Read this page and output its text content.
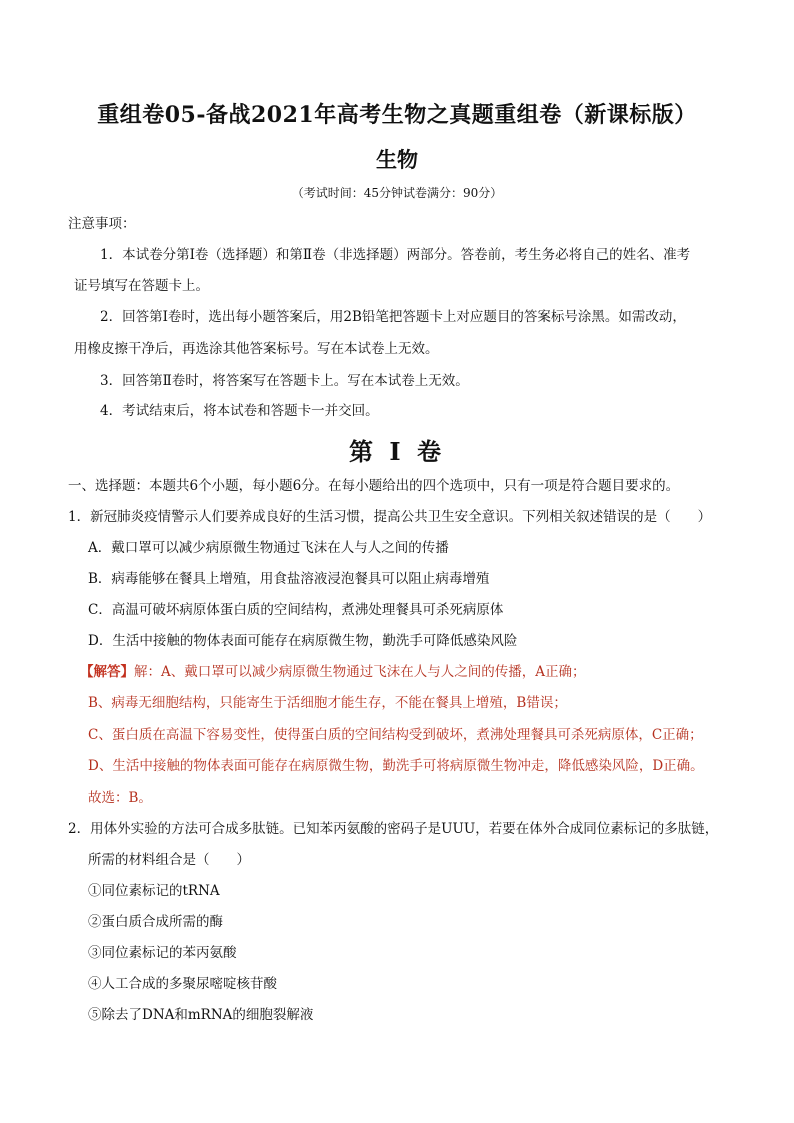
重组卷05-备战2021年高考生物之真题重组卷（新课标版）
生物
（考试时间：45分钟试卷满分：90分）
注意事项：
1．本试卷分第Ⅰ卷（选择题）和第Ⅱ卷（非选择题）两部分。答卷前，考生务必将自己的姓名、准考
证号填写在答题卡上。
2．回答第Ⅰ卷时，选出每小题答案后，用2B铅笔把答题卡上对应题目的答案标号涂黑。如需改动，
用橡皮擦干净后，再选涂其他答案标号。写在本试卷上无效。
3．回答第Ⅱ卷时，将答案写在答题卡上。写在本试卷上无效。
4．考试结束后，将本试卷和答题卡一并交回。
第 I 卷
一、选择题：本题共6个小题，每小题6分。在每小题给出的四个选项中，只有一项是符合题目要求的。
1．新冠肺炎疫情警示人们要养成良好的生活习惯，提高公共卫生安全意识。下列相关叙述错误的是（　　）
A．戴口罩可以减少病原微生物通过飞沫在人与人之间的传播
B．病毒能够在餐具上增殖，用食盐溶液浸泡餐具可以阻止病毒增殖
C．高温可破坏病原体蛋白质的空间结构，煮沸处理餐具可杀死病原体
D．生活中接触的物体表面可能存在病原微生物，勤洗手可降低感染风险
【解答】解：A、戴口罩可以减少病原微生物通过飞沫在人与人之间的传播，A正确；
B、病毒无细胞结构，只能寄生于活细胞才能生存，不能在餐具上增殖，B错误；
C、蛋白质在高温下容易变性，使得蛋白质的空间结构受到破坏，煮沸处理餐具可杀死病原体，C正确；
D、生活中接触的物体表面可能存在病原微生物，勤洗手可将病原微生物冲走，降低感染风险，D正确。
故选：B。
2．用体外实验的方法可合成多肽链。已知苯丙氨酸的密码子是UUU，若要在体外合成同位素标记的多肽链，
所需的材料组合是（　　）
①同位素标记的tRNA
②蛋白质合成所需的酶
③同位素标记的苯丙氨酸
④人工合成的多聚尿嘧啶核苷酸
⑤除去了DNA和mRNA的细胞裂解液
